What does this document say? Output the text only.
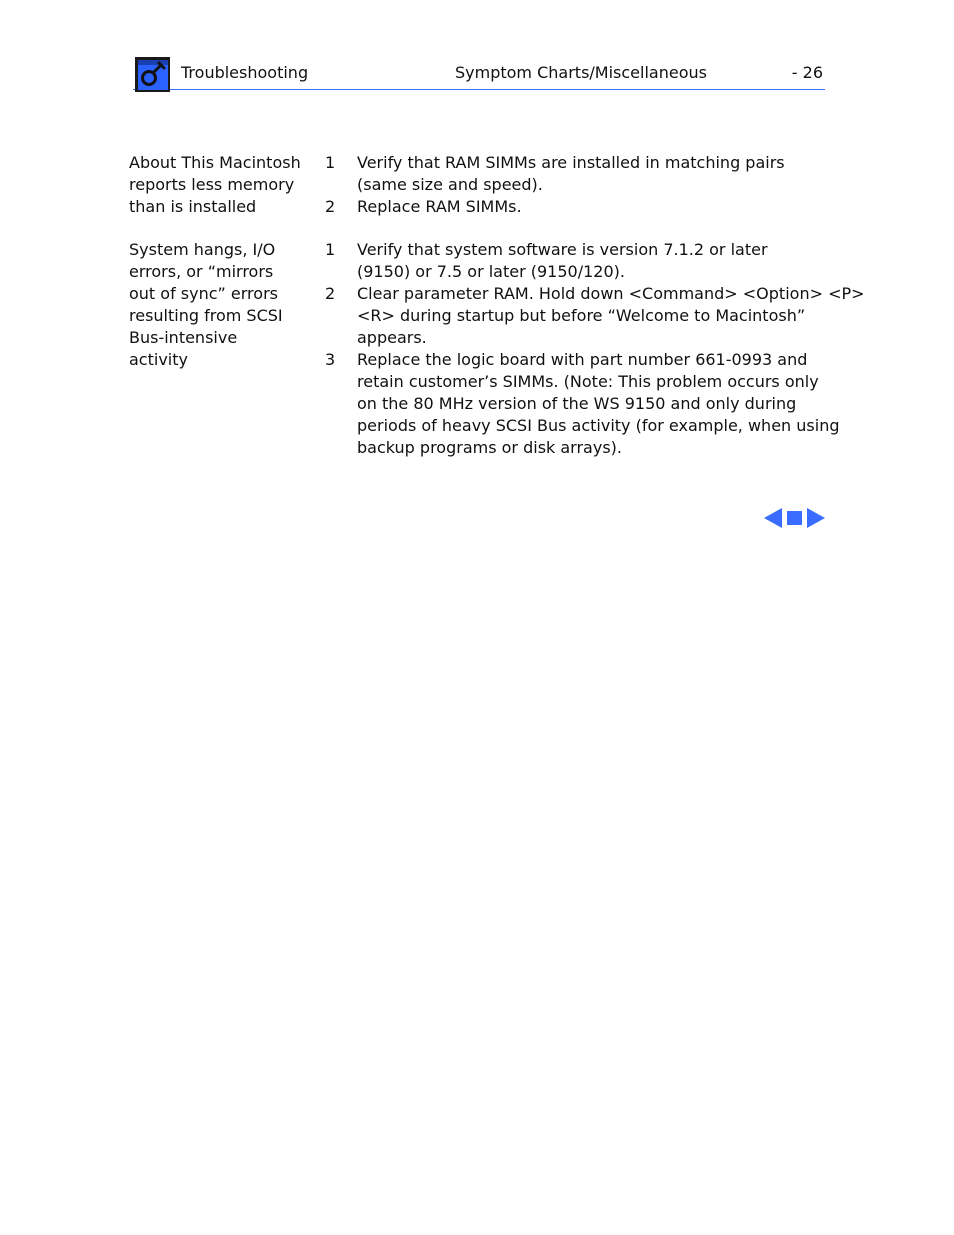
Troubleshooting	Symptom Charts/Miscellaneous	- 26
About This Macintosh
reports less memory
than is installed
1 Verify that RAM SIMMs are installed in matching pairs
(same size and speed).
2 Replace RAM SIMMs.
System hangs, I/O
errors, or “mirrors
out of sync” errors
resulting from SCSI
Bus-intensive
activity
1 Verify that system software is version 7.1.2 or later
(9150) or 7.5 or later (9150/120).
2 Clear parameter RAM. Hold down <Command> <Option> <P>
<R> during startup but before “Welcome to Macintosh”
appears.
3 Replace the logic board with part number 661-0993 and
retain customer’s SIMMs. (Note: This problem occurs only
on the 80 MHz version of the WS 9150 and only during
periods of heavy SCSI Bus activity (for example, when using
backup programs or disk arrays).
